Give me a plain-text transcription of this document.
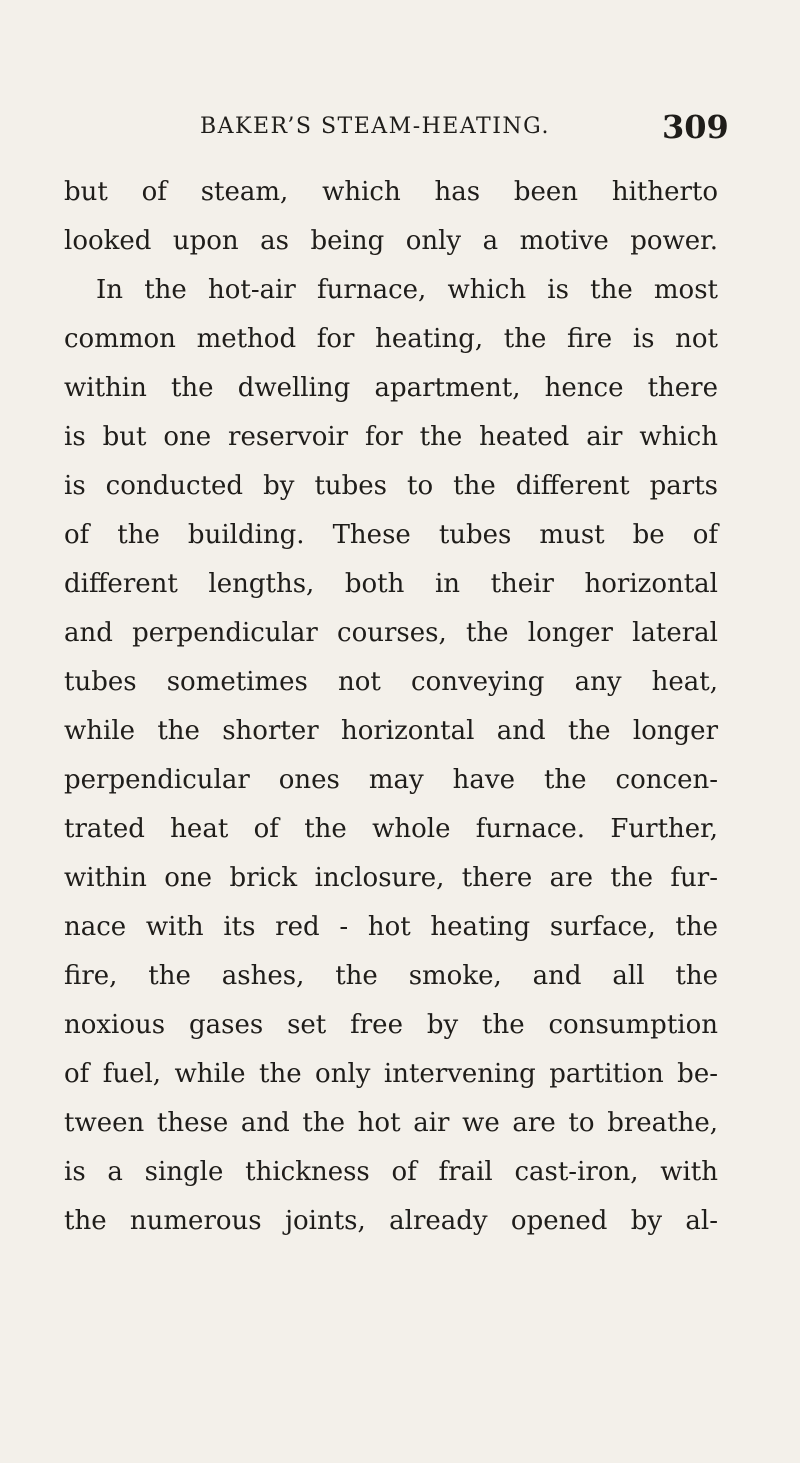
BAKER’S STEAM-HEATING.	309
but of steam, which has been hitherto
looked upon as being only a motive power.
In the hot-air furnace, which is the most
common method for heating, the fire is not
within the dwelling apartment, hence there
is but one reservoir for the heated air which
is conducted by tubes to the different parts
of the building. These tubes must be of
different lengths, both in their horizontal
and perpendicular courses, the longer lateral
tubes sometimes not conveying any heat,
while the shorter horizontal and the longer
perpendicular ones may have the concen-
trated heat of the whole furnace. Further,
within one brick inclosure, there are the fur-
nace with its red - hot heating surface, the
fire, the ashes, the smoke, and all the
noxious gases set free by the consumption
of fuel, while the only intervening partition be-
tween these and the hot air we are to breathe,
is a single thickness of frail cast-iron, with
the numerous joints, already opened by al-
